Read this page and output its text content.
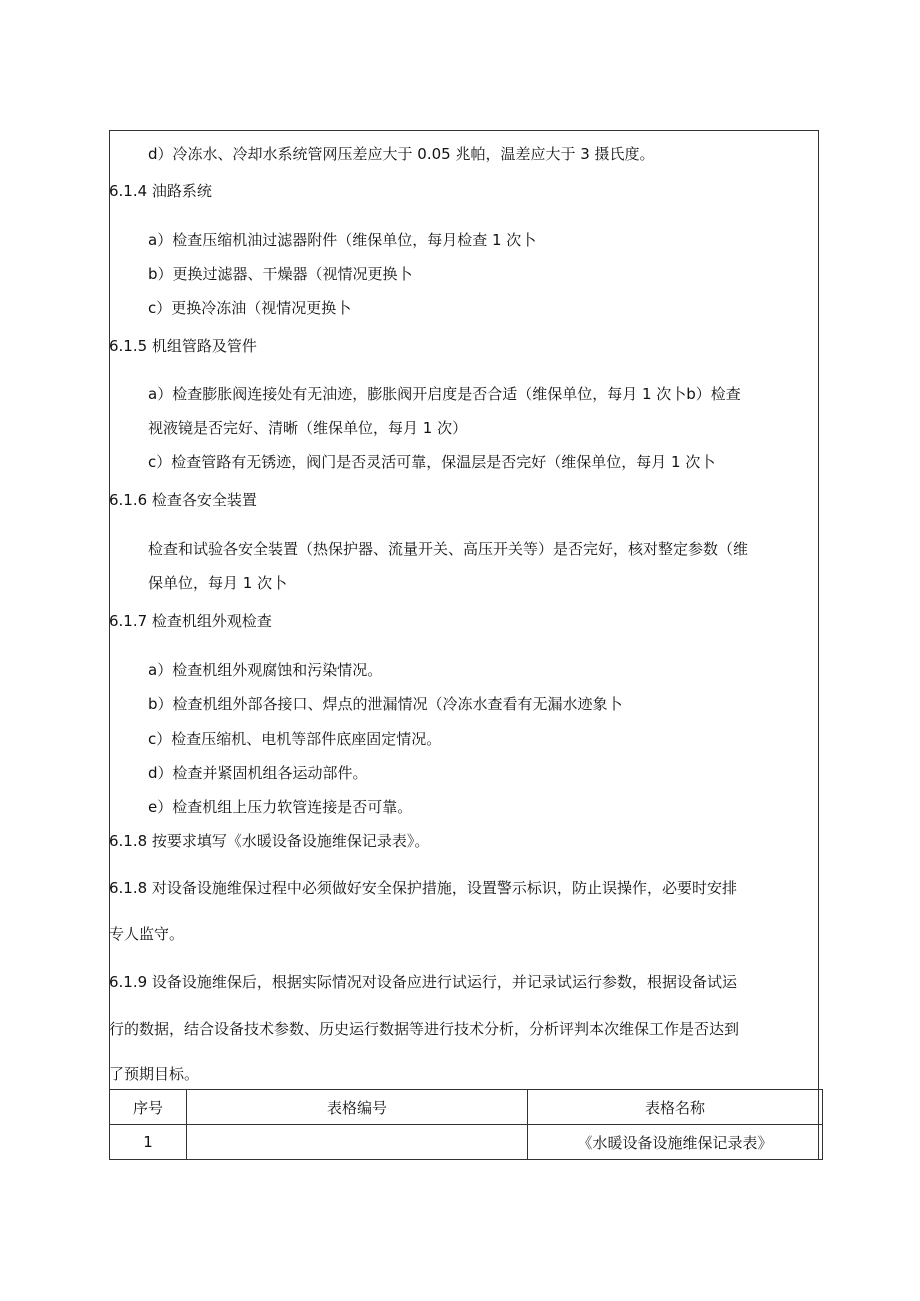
d）冷冻水、冷却水系统管网压差应大于 0.05 兆帕，温差应大于 3 摄氏度。
6.1.4 油路系统
a）检查压缩机油过滤器附件（维保单位，每月检查 1 次卜
b）更换过滤器、干燥器（视情况更换卜
c）更换冷冻油（视情况更换卜
6.1.5 机组管路及管件
a）检查膨胀阀连接处有无油迹，膨胀阀开启度是否合适（维保单位，每月 1 次卜b）检查
视液镜是否完好、清晰（维保单位，每月 1 次）
c）检查管路有无锈迹，阀门是否灵活可靠，保温层是否完好（维保单位，每月 1 次卜
6.1.6 检查各安全装置
检查和试验各安全装置（热保护器、流量开关、高压开关等）是否完好，核对整定参数（维
保单位，每月 1 次卜
6.1.7 检查机组外观检查
a）检查机组外观腐蚀和污染情况。
b）检查机组外部各接口、焊点的泄漏情况（冷冻水查看有无漏水迹象卜
c）检查压缩机、电机等部件底座固定情况。
d）检查并紧固机组各运动部件。
e）检查机组上压力软管连接是否可靠。
6.1.8 按要求填写《水暖设备设施维保记录表》。
6.1.8 对设备设施维保过程中必须做好安全保护措施，设置警示标识，防止误操作，必要时安排
专人监守。
6.1.9 设备设施维保后，根据实际情况对设备应进行试运行，并记录试运行参数，根据设备试运
行的数据，结合设备技术参数、历史运行数据等进行技术分析，分析评判本次维保工作是否达到
了预期目标。
序号	表格编号	表格名称
1		《水暖设备设施维保记录表》
